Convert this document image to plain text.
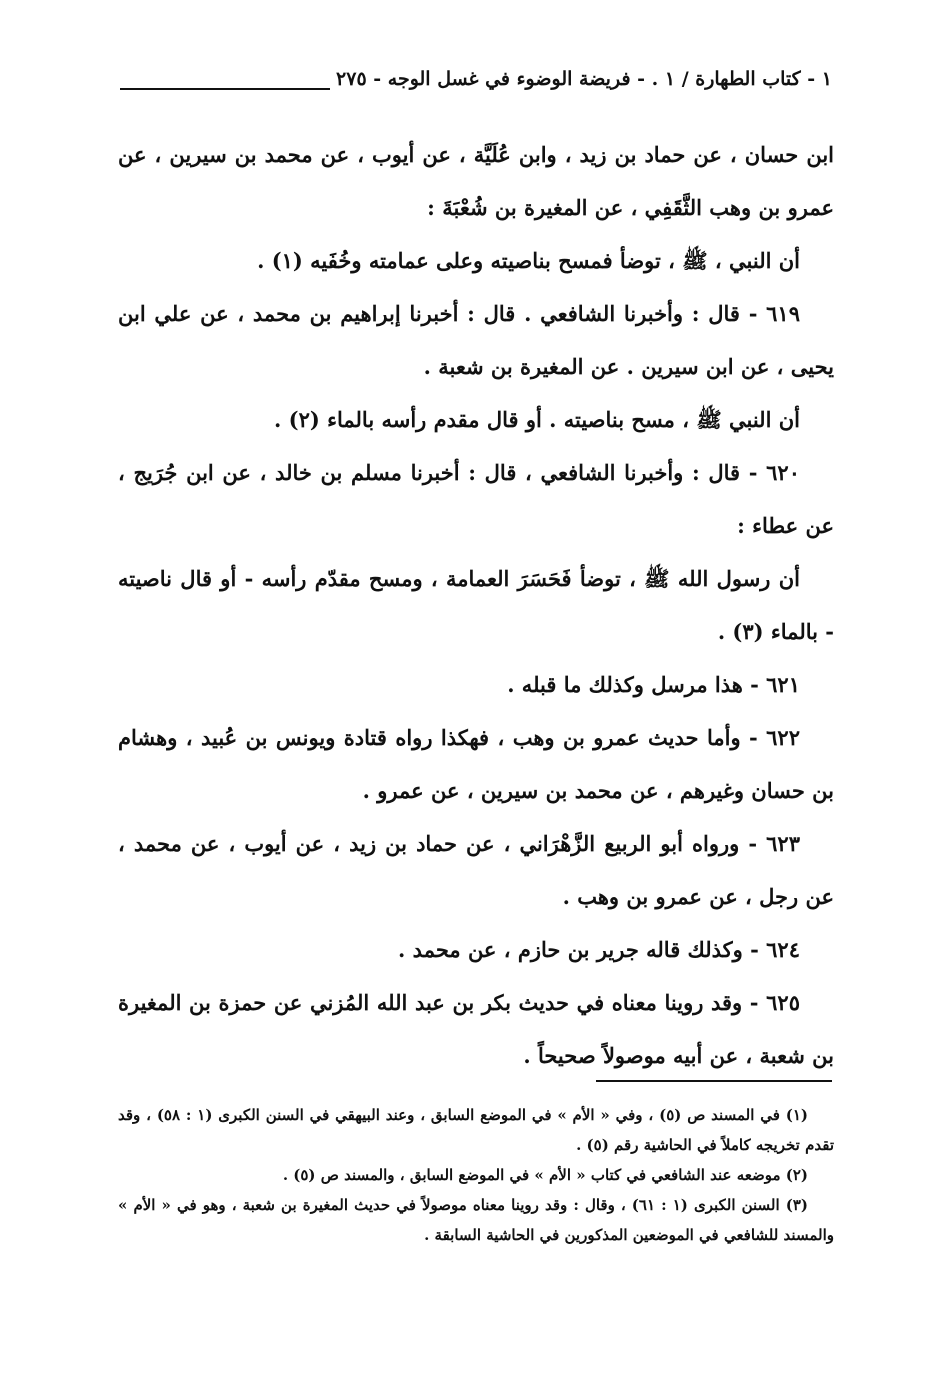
١ - كتاب الطهارة / ١ . - فريضة الوضوء في غسل الوجه - ٢٧٥

ابن حسان ، عن حماد بن زيد ، وابن عُلَيَّة ، عن أيوب ، عن محمد بن سيرين ، عن عمرو بن وهب الثَّقَفِي ، عن المغيرة بن شُعْبَةَ :

أن النبي ، ﷺ ، توضأ فمسح بناصيته وعلى عمامته وخُفَيه (١) .

٦١٩ - قال : وأخبرنا الشافعي . قال : أخبرنا إبراهيم بن محمد ، عن علي ابن يحيى ، عن ابن سيرين . عن المغيرة بن شعبة .

أن النبي ﷺ ، مسح بناصيته . أو قال مقدم رأسه بالماء (٢) .

٦٢٠ - قال : وأخبرنا الشافعي ، قال : أخبرنا مسلم بن خالد ، عن ابن جُرَيج ، عن عطاء :

أن رسول الله ﷺ ، توضأ فَحَسَرَ العمامة ، ومسح مقدّم رأسه - أو قال ناصيته - بالماء (٣) .

٦٢١ - هذا مرسل وكذلك ما قبله .

٦٢٢ - وأما حديث عمرو بن وهب ، فهكذا رواه قتادة ويونس بن عُبيد ، وهشام بن حسان وغيرهم ، عن محمد بن سيرين ، عن عمرو .

٦٢٣ - ورواه أبو الربيع الزَّهْرَاني ، عن حماد بن زيد ، عن أيوب ، عن محمد ، عن رجل ، عن عمرو بن وهب .

٦٢٤ - وكذلك قاله جرير بن حازم ، عن محمد .

٦٢٥ - وقد روينا معناه في حديث بكر بن عبد الله المُزني عن حمزة بن المغيرة بن شعبة ، عن أبيه موصولاً صحيحاً .

(١) في المسند ص (٥) ، وفي « الأم » في الموضع السابق ، وعند البيهقي في السنن الكبرى (١ : ٥٨) ، وقد تقدم تخريجه كاملاً في الحاشية رقم (٥) .

(٢) موضعه عند الشافعي في كتاب « الأم » في الموضع السابق ، والمسند ص (٥) .

(٣) السنن الكبرى (١ : ٦١) ، وقال : وقد روينا معناه موصولاً في حديث المغيرة بن شعبة ، وهو في « الأم » والمسند للشافعي في الموضعين المذكورين في الحاشية السابقة .
